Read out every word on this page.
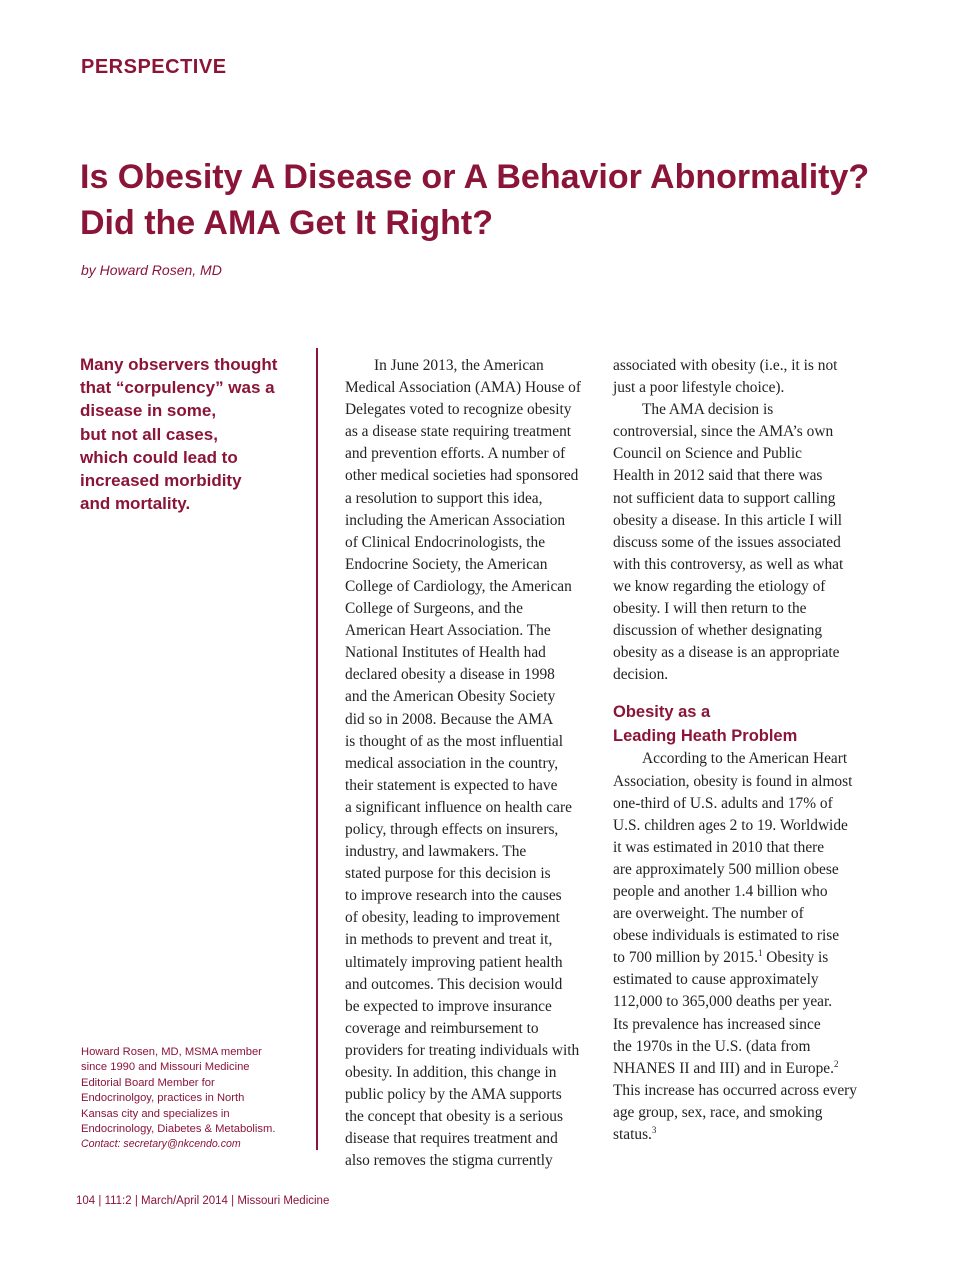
PERSPECTIVE
Is Obesity A Disease or A Behavior Abnormality?
Did the AMA Get It Right?
by Howard Rosen, MD
Many observers thought
that “corpulency” was a
disease in some,
but not all cases,
which could lead to
increased morbidity
and mortality.
Howard Rosen, MD, MSMA member
since 1990 and Missouri Medicine
Editorial Board Member for
Endocrinolgoy, practices in North
Kansas city and specializes in
Endocrinology, Diabetes & Metabolism.
Contact: secretary@nkcendo.com
In June 2013, the American
Medical Association (AMA) House of
Delegates voted to recognize obesity
as a disease state requiring treatment
and prevention efforts. A number of
other medical societies had sponsored
a resolution to support this idea,
including the American Association
of Clinical Endocrinologists, the
Endocrine Society, the American
College of Cardiology, the American
College of Surgeons, and the
American Heart Association. The
National Institutes of Health had
declared obesity a disease in 1998
and the American Obesity Society
did so in 2008. Because the AMA
is thought of as the most influential
medical association in the country,
their statement is expected to have
a significant influence on health care
policy, through effects on insurers,
industry, and lawmakers. The
stated purpose for this decision is
to improve research into the causes
of obesity, leading to improvement
in methods to prevent and treat it,
ultimately improving patient health
and outcomes. This decision would
be expected to improve insurance
coverage and reimbursement to
providers for treating individuals with
obesity. In addition, this change in
public policy by the AMA supports
the concept that obesity is a serious
disease that requires treatment and
also removes the stigma currently
associated with obesity (i.e., it is not
just a poor lifestyle choice).
The AMA decision is
controversial, since the AMA’s own
Council on Science and Public
Health in 2012 said that there was
not sufficient data to support calling
obesity a disease. In this article I will
discuss some of the issues associated
with this controversy, as well as what
we know regarding the etiology of
obesity. I will then return to the
discussion of whether designating
obesity as a disease is an appropriate
decision.
Obesity as a
Leading Heath Problem
According to the American Heart
Association, obesity is found in almost
one-third of U.S. adults and 17% of
U.S. children ages 2 to 19. Worldwide
it was estimated in 2010 that there
are approximately 500 million obese
people and another 1.4 billion who
are overweight. The number of
obese individuals is estimated to rise
to 700 million by 2015.$^1$ Obesity is
estimated to cause approximately
112,000 to 365,000 deaths per year.
Its prevalence has increased since
the 1970s in the U.S. (data from
NHANES II and III) and in Europe.$^2$
This increase has occurred across every
age group, sex, race, and smoking
status.$^3$
104 | 111:2 | March/April 2014 | Missouri Medicine
